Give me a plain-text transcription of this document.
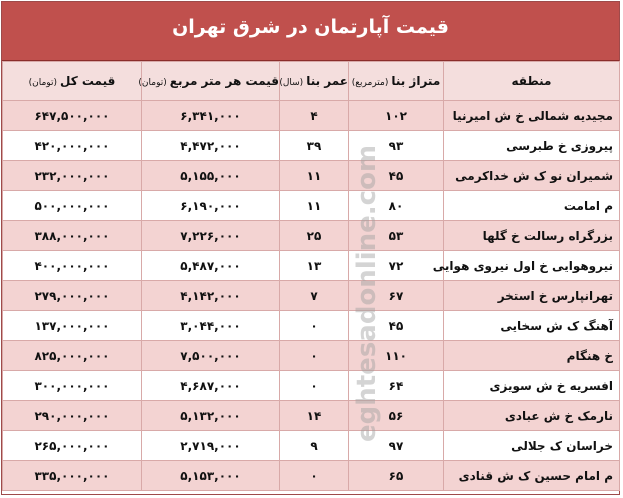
قیمت آپارتمان در شرق تهران
منطقه	متراژ بنا(مترمربع)	عمر بنا(سال)	قیمت هر متر مربع(تومان)	قیمت کل(تومان)
مجیدیه شمالی خ ش امیرنیا	۱۰۲	۴	۶,۳۴۱,۰۰۰	۶۴۷,۵۰۰,۰۰۰
پیروزی خ طبرسی	۹۳	۳۹	۴,۴۷۲,۰۰۰	۴۲۰,۰۰۰,۰۰۰
شمیران نو ک ش خداکرمی	۴۵	۱۱	۵,۱۵۵,۰۰۰	۲۳۲,۰۰۰,۰۰۰
م امامت	۸۰	۱۱	۶,۱۹۰,۰۰۰	۵۰۰,۰۰۰,۰۰۰
بزرگراه رسالت خ گلها	۵۳	۲۵	۷,۲۲۶,۰۰۰	۳۸۸,۰۰۰,۰۰۰
نیروهوایی خ اول نیروی هوایی	۷۲	۱۳	۵,۴۸۷,۰۰۰	۴۰۰,۰۰۰,۰۰۰
تهرانپارس خ استخر	۶۷	۷	۴,۱۴۲,۰۰۰	۲۷۹,۰۰۰,۰۰۰
آهنگ ک ش سخایی	۴۵	۰	۳,۰۴۴,۰۰۰	۱۳۷,۰۰۰,۰۰۰
خ هنگام	۱۱۰	۰	۷,۵۰۰,۰۰۰	۸۲۵,۰۰۰,۰۰۰
افسریه خ ش سویزی	۶۴	۰	۴,۶۸۷,۰۰۰	۳۰۰,۰۰۰,۰۰۰
نارمک خ ش عبادی	۵۶	۱۴	۵,۱۳۲,۰۰۰	۲۹۰,۰۰۰,۰۰۰
خراسان ک جلالی	۹۷	۹	۲,۷۱۹,۰۰۰	۲۶۵,۰۰۰,۰۰۰
م امام حسین ک ش قنادی	۶۵	۰	۵,۱۵۳,۰۰۰	۳۳۵,۰۰۰,۰۰۰
eghtesadonline.com
